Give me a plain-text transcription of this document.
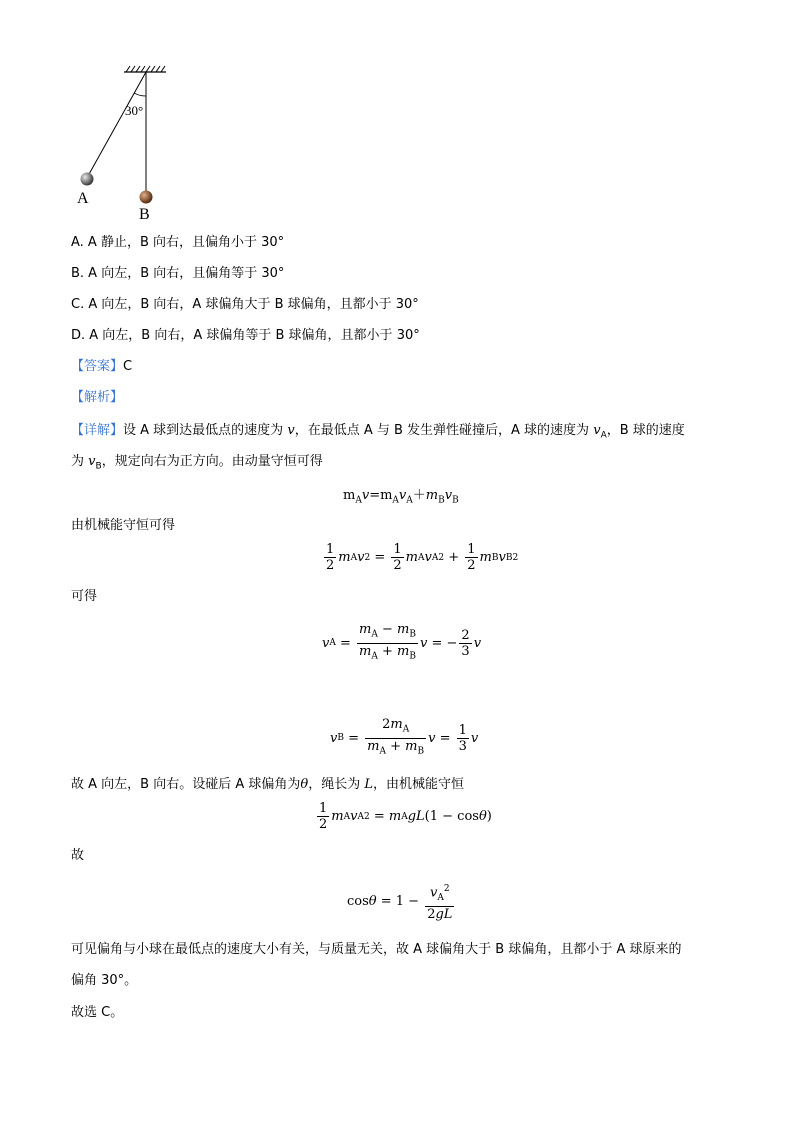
30°
A
B
A. A 静止，B 向右，且偏角小于 30°
B. A 向左，B 向右，且偏角等于 30°
C. A 向左，B 向右，A 球偏角大于 B 球偏角，且都小于 30°
D. A 向左，B 向右，A 球偏角等于 B 球偏角，且都小于 30°
【答案】C
【解析】
【详解】设 A 球到达最低点的速度为 v，在最低点 A 与 B 发生弹性碰撞后，A 球的速度为 $v_A$，B 球的速度
为 $v_B$，规定向右为正方向。由动量守恒可得
$m_Av=m_Av_A+m_Bv_B$
由机械能守恒可得
$\frac{1}{2}$ m A v $2 = \frac{1}{2}$ m A v A $2 + \frac{1}{2}$ m B v B 2
可得
v $A = \frac{m_A - m_B}{m_A + m_B}$ v = − $\frac{2}{3}$ v
v $B = \frac{2m_A}{m_A + m_B}$ $v = \frac{1}{3}$ v
故 A 向左，B 向右。设碰后 A 球偏角为θ，绳长为 L，由机械能守恒
$\frac{1}{2}$ m A v A 2 = m A gL (1 − cos θ )
故
$\cos \theta = 1 - \frac{v_A^2}{2gL}$
可见偏角与小球在最低点的速度大小有关，与质量无关，故 A 球偏角大于 B 球偏角，且都小于 A 球原来的
偏角 30°。
故选 C。
